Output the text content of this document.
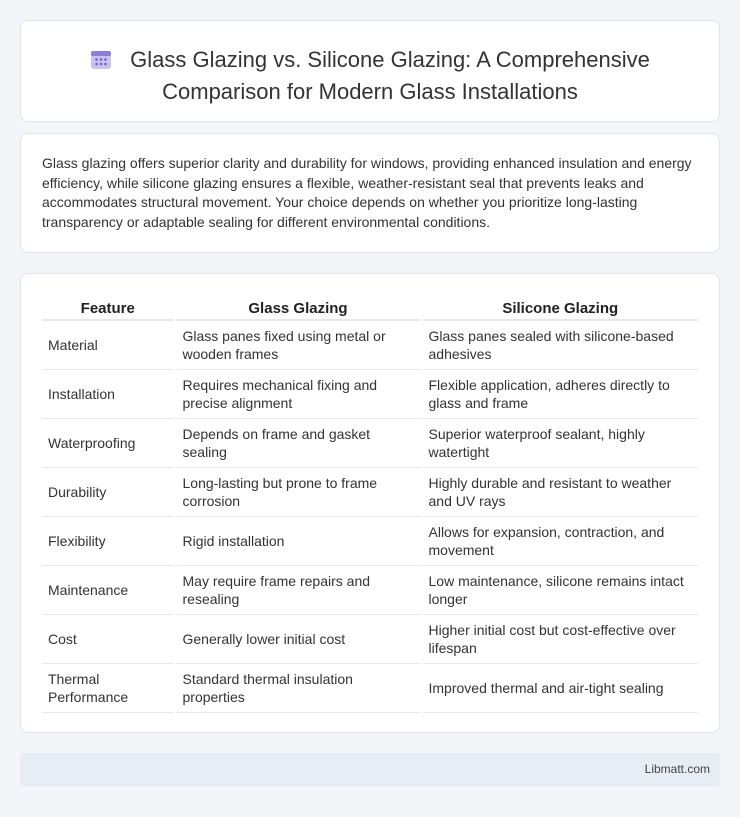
Glass Glazing vs. Silicone Glazing: A Comprehensive
Comparison for Modern Glass Installations

Glass glazing offers superior clarity and durability for windows, providing enhanced insulation and energy efficiency, while silicone glazing ensures a flexible, weather-resistant seal that prevents leaks and accommodates structural movement. Your choice depends on whether you prioritize long-lasting transparency or adaptable sealing for different environmental conditions.

Feature	Glass Glazing	Silicone Glazing
Material	Glass panes fixed using metal or wooden frames	Glass panes sealed with silicone-based adhesives
Installation	Requires mechanical fixing and precise alignment	Flexible application, adheres directly to glass and frame
Waterproofing	Depends on frame and gasket sealing	Superior waterproof sealant, highly watertight
Durability	Long-lasting but prone to frame corrosion	Highly durable and resistant to weather and UV rays
Flexibility	Rigid installation	Allows for expansion, contraction, and movement
Maintenance	May require frame repairs and resealing	Low maintenance, silicone remains intact longer
Cost	Generally lower initial cost	Higher initial cost but cost-effective over lifespan
Thermal Performance	Standard thermal insulation properties	Improved thermal and air-tight sealing
Libmatt.com
